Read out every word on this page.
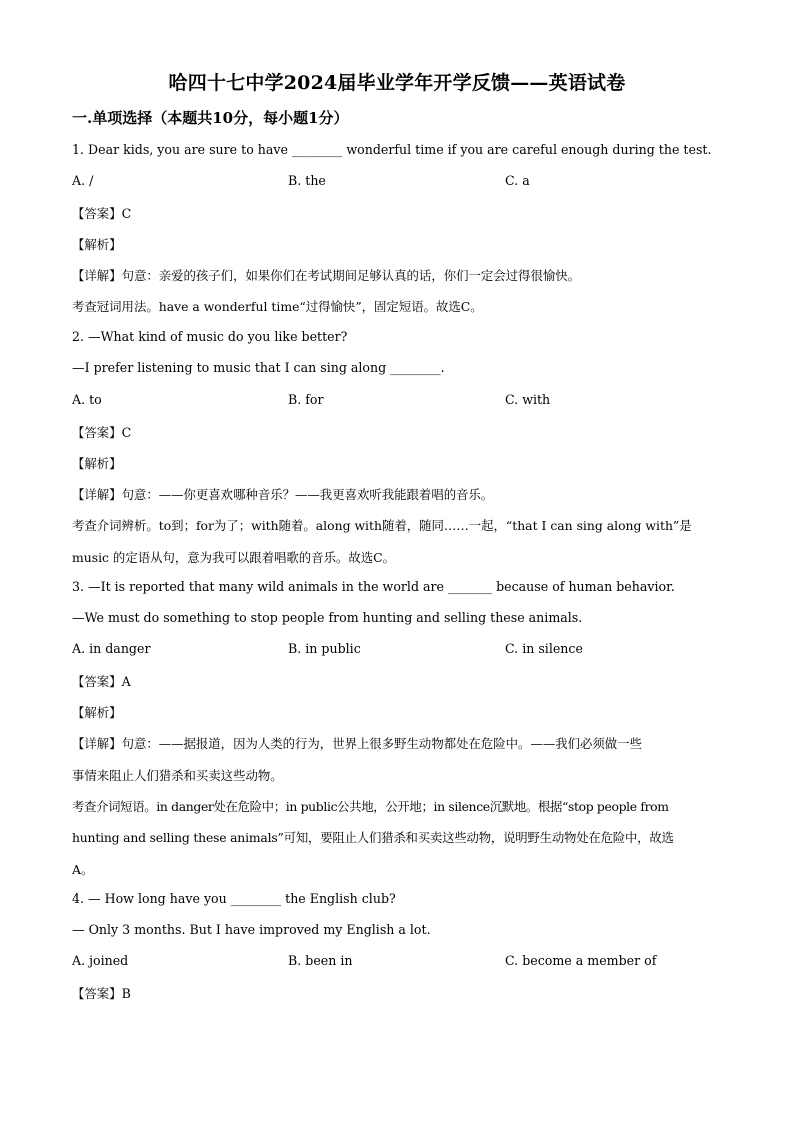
哈四十七中学2024届毕业学年开学反馈——英语试卷
一.单项选择（本题共10分，每小题1分）
1. Dear kids, you are sure to have ________ wonderful time if you are careful enough during the test.
A. /	B. the	C. a
【答案】C
【解析】
【详解】句意：亲爱的孩子们，如果你们在考试期间足够认真的话，你们一定会过得很愉快。
考查冠词用法。have a wonderful time“过得愉快”，固定短语。故选C。
2. —What kind of music do you like better?
—I prefer listening to music that I can sing along ________.
A. to	B. for	C. with
【答案】C
【解析】
【详解】句意：——你更喜欢哪种音乐？——我更喜欢听我能跟着唱的音乐。
考查介词辨析。to到；for为了；with随着。along with随着，随同……一起，“that I can sing along with”是
music 的定语从句，意为我可以跟着唱歌的音乐。故选C。
3. —It is reported that many wild animals in the world are _______ because of human behavior.
—We must do something to stop people from hunting and selling these animals.
A. in danger	B. in public	C. in silence
【答案】A
【解析】
【详解】句意：——据报道，因为人类的行为，世界上很多野生动物都处在危险中。——我们必须做一些
事情来阻止人们猎杀和买卖这些动物。
考查介词短语。in danger处在危险中；in public公共地，公开地；in silence沉默地。根据“stop people from
hunting and selling these animals”可知，要阻止人们猎杀和买卖这些动物，说明野生动物处在危险中，故选
A。
4. — How long have you ________ the English club?
— Only 3 months. But I have improved my English a lot.
A. joined	B. been in	C. become a member of
【答案】B
